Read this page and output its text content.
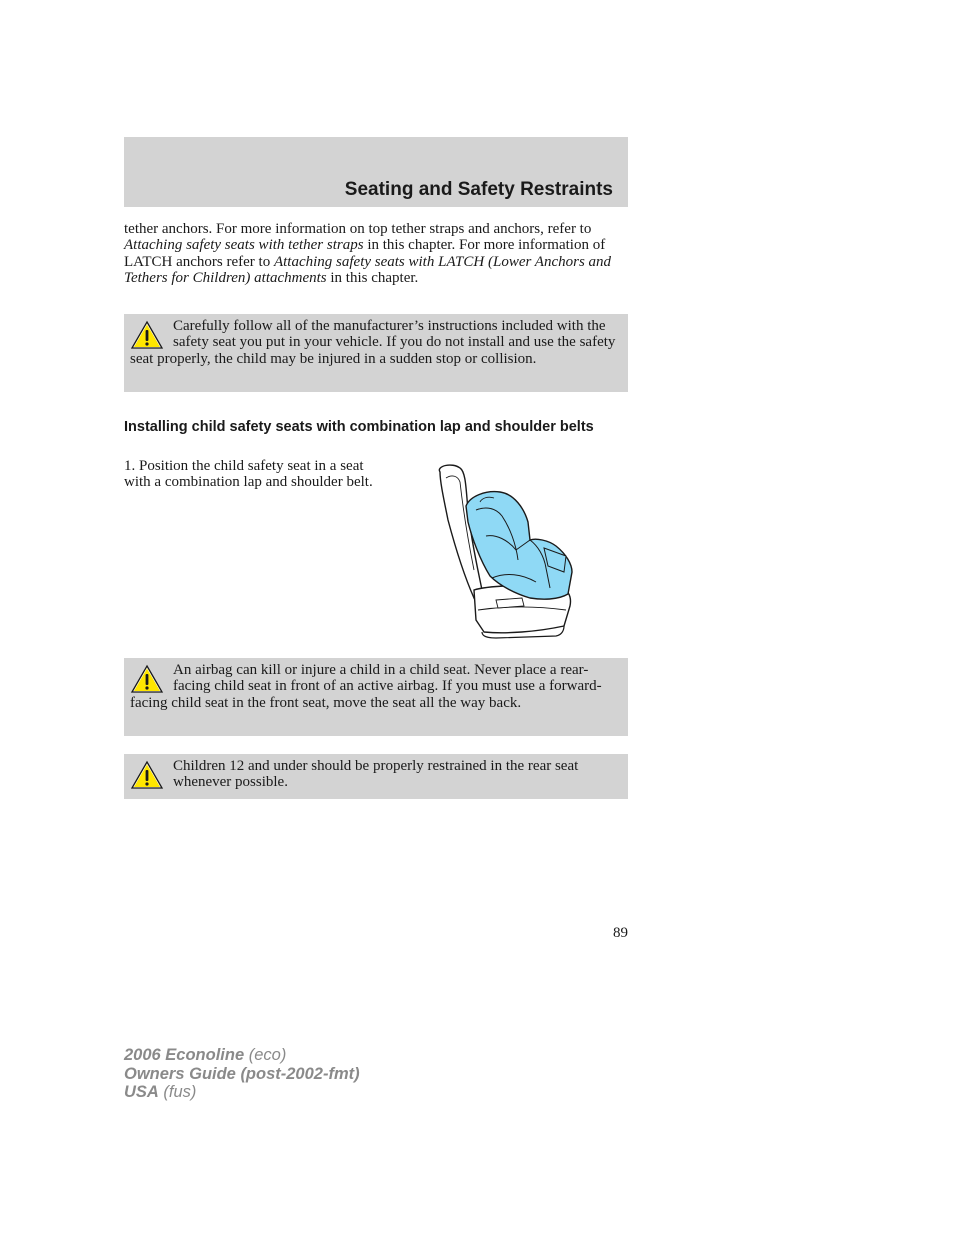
Seating and Safety Restraints

tether anchors. For more information on top tether straps and anchors, refer to Attaching safety seats with tether straps in this chapter. For more information of LATCH anchors refer to Attaching safety seats with LATCH (Lower Anchors and Tethers for Children) attachments in this chapter.

Carefully follow all of the manufacturer’s instructions included with the safety seat you put in your vehicle. If you do not install and use the safety seat properly, the child may be injured in a sudden stop or collision.

Installing child safety seats with combination lap and shoulder belts

1. Position the child safety seat in a seat with a combination lap and shoulder belt.

An airbag can kill or injure a child in a child seat. Never place a rear-facing child seat in front of an active airbag. If you must use a forward-facing child seat in the front seat, move the seat all the way back.

Children 12 and under should be properly restrained in the rear seat whenever possible.

89
2006 Econoline (eco)
Owners Guide (post-2002-fmt)
USA (fus)
